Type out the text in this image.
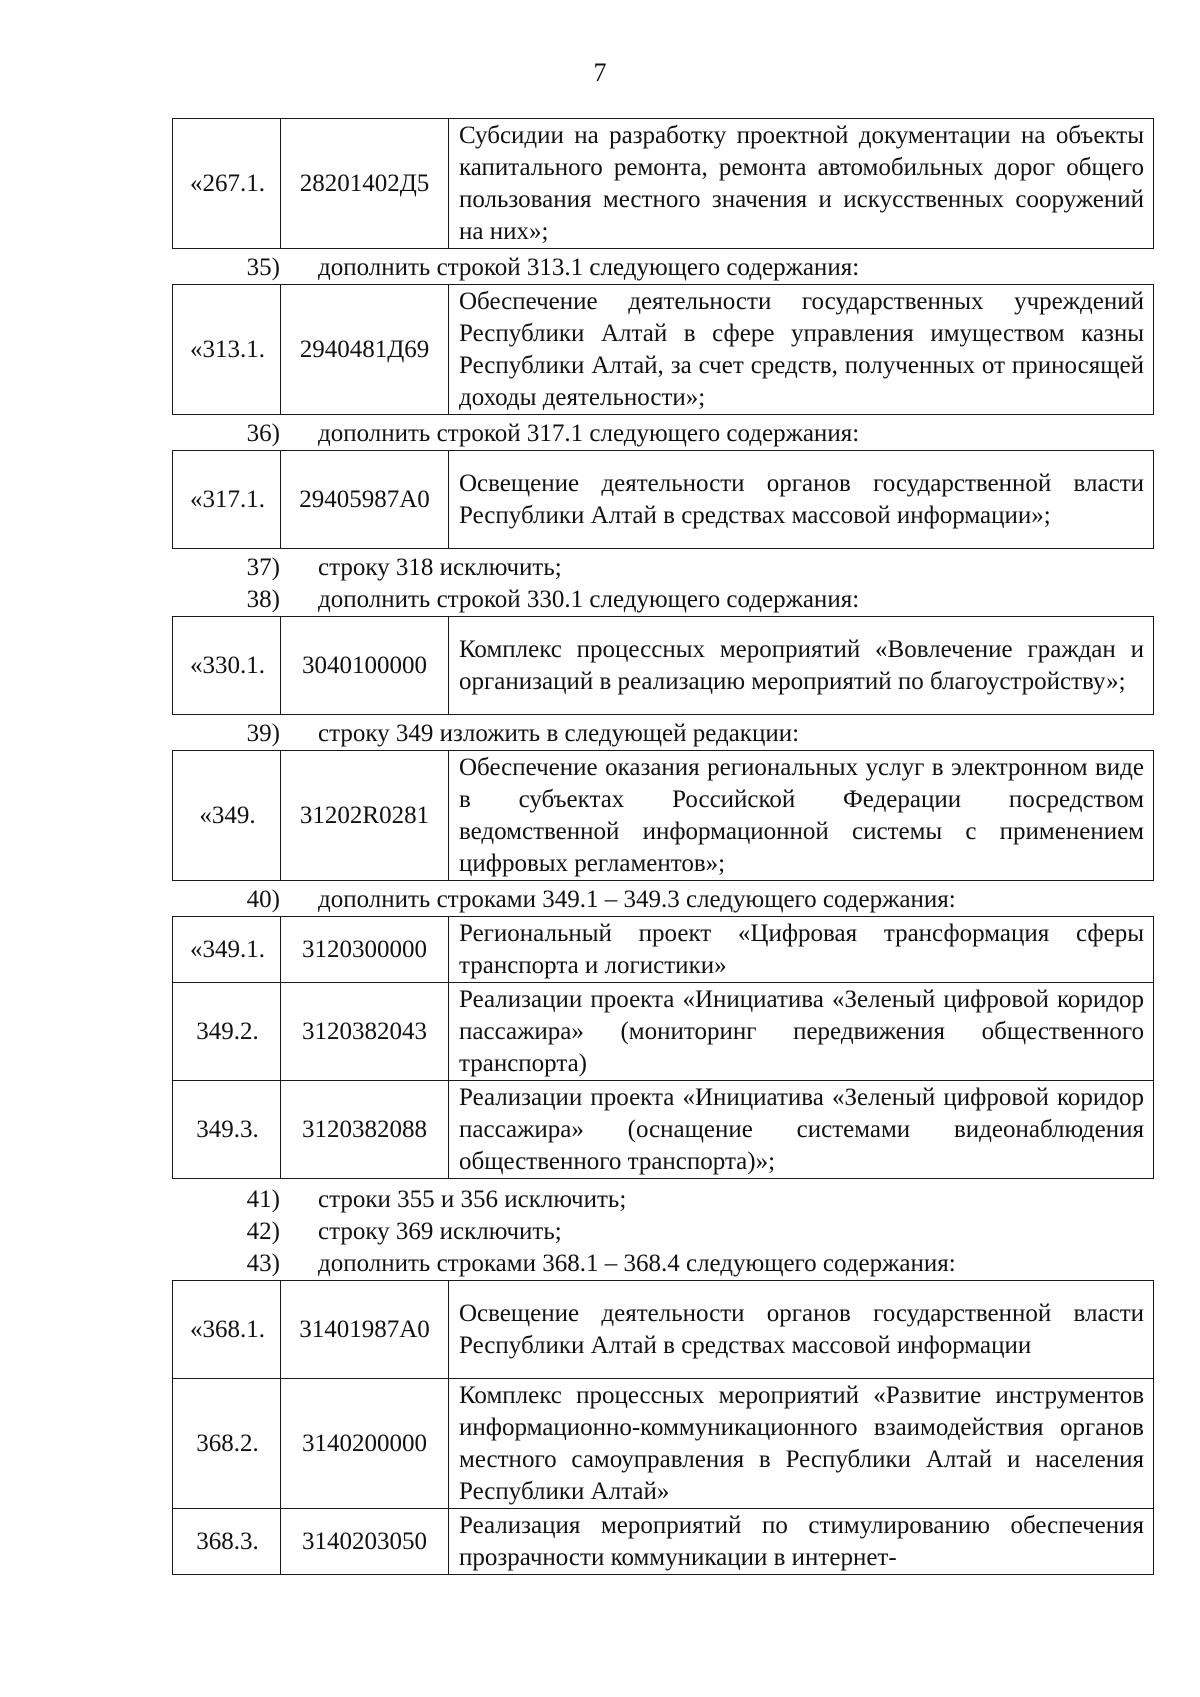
7
«267.1.	28201402Д5	Субсидии на разработку проектной документации на объекты капитального ремонта, ремонта автомобильных дорог общего пользования местного значения и искусственных сооружений на них»;
35) дополнить строкой 313.1 следующего содержания:
«313.1.	2940481Д69	Обеспечение деятельности государственных учреждений Республики Алтай в сфере управления имуществом казны Республики Алтай, за счет средств, полученных от приносящей доходы деятельности»;
36) дополнить строкой 317.1 следующего содержания:
«317.1.	29405987А0	Освещение деятельности органов государственной власти Республики Алтай в средствах массовой информации»;
37) строку 318 исключить;
38) дополнить строкой 330.1 следующего содержания:
«330.1.	3040100000	Комплекс процессных мероприятий «Вовлечение граждан и организаций в реализацию мероприятий по благоустройству»;
39) строку 349 изложить в следующей редакции:
«349.	31202R0281	Обеспечение оказания региональных услуг в электронном виде в субъектах Российской Федерации посредством ведомственной информационной системы с применением цифровых регламентов»;
40) дополнить строками 349.1 – 349.3 следующего содержания:
«349.1.	3120300000	Региональный проект «Цифровая трансформация сферы транспорта и логистики»
349.2.	3120382043	Реализации проекта «Инициатива «Зеленый цифровой коридор пассажира» (мониторинг передвижения общественного транспорта)
349.3.	3120382088	Реализации проекта «Инициатива «Зеленый цифровой коридор пассажира» (оснащение системами видеонаблюдения общественного транспорта)»;
41) строки 355 и 356 исключить;
42) строку 369 исключить;
43) дополнить строками 368.1 – 368.4 следующего содержания:
«368.1.	31401987А0	Освещение деятельности органов государственной власти Республики Алтай в средствах массовой информации
368.2.	3140200000	Комплекс процессных мероприятий «Развитие инструментов информационно-коммуникационного взаимодействия органов местного самоуправления в Республики Алтай и населения Республики Алтай»
368.3.	3140203050	Реализация мероприятий по стимулированию обеспечения прозрачности коммуникации в интернет-
